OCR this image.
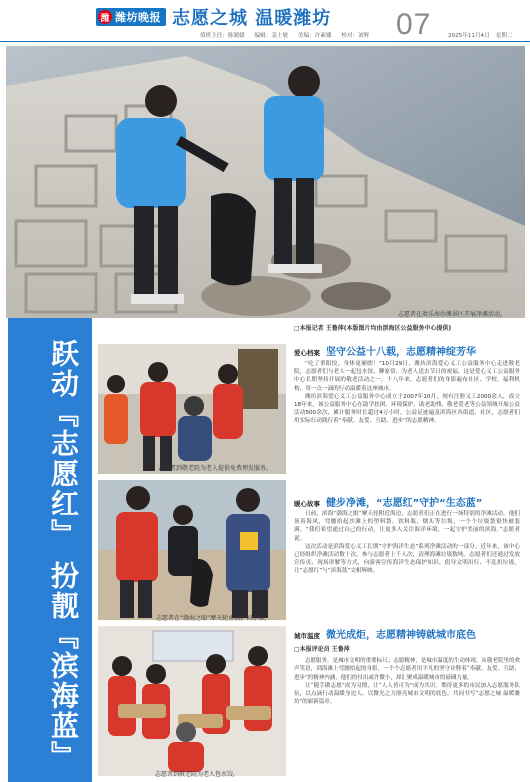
潍 潍坊晚报 志愿之城 温暖潍坊 07
值班主任：陈媛媛 编辑：姜士敏 美编：许素娜 校对：刘辉	2025年11月4日 星期二
志愿者在欢乐海沙滩景区开展净滩活动。
跃动『志愿红』 扮靓『滨海蓝』	志愿者到敬老院为老人提供免费理发服务。
志愿者在“渤海之眼”摩天轮南侧护河净滩。
志愿者到敬老院为老人包水饺。
□本报记者 王鲁萍(本版图片均由滨海区公益服务中心提供)
爱心档案 坚守公益十八载，志愿精神绽芳华

“吃了重阳饺，身体更硬朗！”10月29日，潍坊滨海爱心义工公益服务中心走进敬老院，志愿者们与老人一起包水饺、聊家常，为老人送去节日的祝福。这是爱心义工公益服务中心长期坚持开展的敬老活动之一，十八年来，志愿者们的身影遍布社区、学校、福利机构，用一点一滴的行动温暖着这座城市。

潍坊滨海爱心义工公益服务中心成立于2007年10月，现有注册义工2000余人，成立18年来，该公益服务中心在助学扶困、环境保护、助老助残、敬老爱老等公益领域开展公益活动500余次，累计服务时长超过4万小时，公益足迹遍及滨海区各街道、社区，志愿者们用实际行动践行着“奉献、友爱、互助、进步”的志愿精神。

暖心故事 健步净滩，“志愿红”守护“生态蓝”

日前，滨海“渤海之眼”摩天轮附近海边，志愿者们正在进行一场特别的净滩活动。他们顶着海风，弯腰拾起沙滩上的塑料袋、饮料瓶、烟头等垃圾，一个个垃圾袋很快被装满。“我们希望通过自己的行动，让更多人关注海洋环境，一起守护美丽的滨海。”志愿者说。

这次活动是滨海爱心义工长期“守护海洋生态”系列净滩活动的一部分。近年来，该中心已经组织净滩活动数十次，参与志愿者上千人次，清理海滩垃圾数吨。志愿者们还通过发放宣传页、现场讲解等方式，向游客宣传海洋生态保护知识，倡导文明出行、不乱扔垃圾，让“志愿红”与“滨海蓝”交相辉映。

城市温度 微光成炬，志愿精神铸就城市底色
□本报评论员 王鲁萍

志愿服务，是城市文明的重要标尺；志愿精神，是城市温度的生动体现。从敬老院里的欢声笑语，到海滩上弯腰拾起的身影，一个个志愿者用平凡的坚守诠释着“奉献、友爱、互助、进步”的精神内涵，他们的付出或许微小，却汇聚成温暖城市的磅礴力量。

让“随手做志愿”成为习惯，让“人人皆可为”成为共识。期待更多的市民加入志愿服务队伍，以点滴行动温暖身边人，以微光之力照亮城市文明的底色，共同书写“志愿之城·温暖潍坊”的崭新篇章。
